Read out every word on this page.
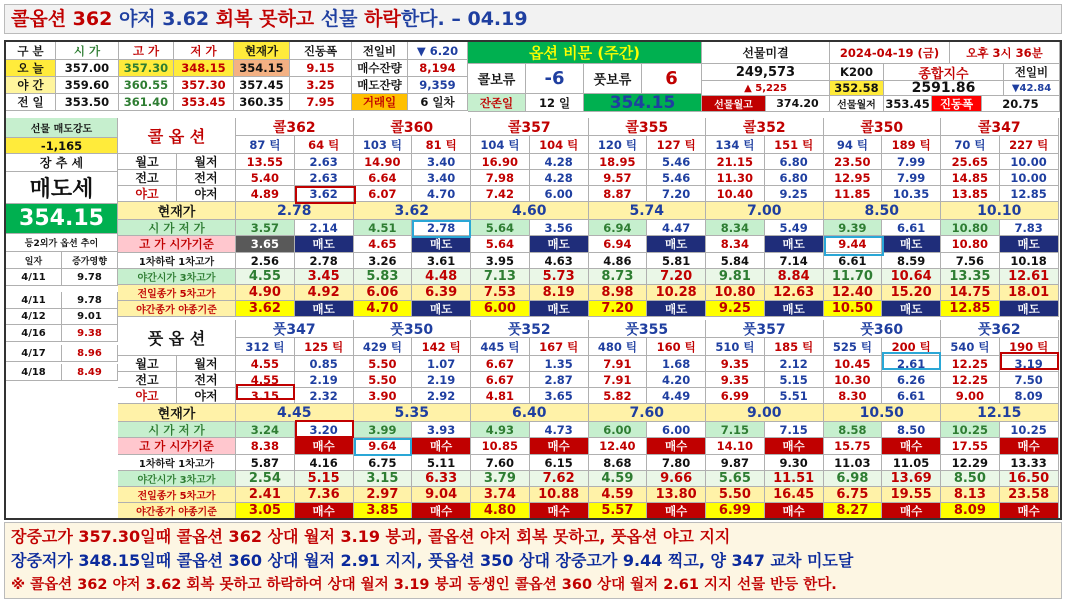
콜옵션 362 야저 3.62 회복 못하고 선물 하락한다. – 04.19
구 분	시 가	고 가	저 가	현재가	진동폭	전일비	▼ 6.20
오 늘	357.00	357.30	348.15	354.15	9.15
야 간	359.60	360.55	357.30	357.45	3.25
전 일	353.50	361.40	353.45	360.35	7.95
매수잔량	8,194
매도잔량	9,359
거래일	6 일차
옵션 비문 (주간)
콜보류	-6	풋보류	6
잔존일	12 일	354.15
선물미결
249,573
▲ 5,225
선물월고	374.20
2024-04-19 (금)	오후 3시 36분
K200	종합지수	전일비
352.58	2591.86	▼42.84
선물월저 353.45 진동폭	20.75
선물 매도강도
-1,165
장 추 세
매도세
354.15
등2외가 옵션 추이
일자	증가영향
4/11	9.78
4/11	9.78
4/12	9.01
4/16	9.38
4/17	8.96
4/18	8.49
콜 옵 션	콜362	콜360	콜357	콜355	콜352	콜350	콜347
87 틱	64 틱	103 틱	81 틱	104 틱	104 틱	120 틱	127 틱	134 틱	151 틱	94 틱	189 틱	70 틱	227 틱
월고	월저	13.55	2.63	14.90	3.40	16.90	4.28	18.95	5.46	21.15	6.80	23.50	7.99	25.65	10.00
전고	전저	5.40	2.63	6.64	3.40	7.98	4.28	9.57	5.46	11.30	6.80	12.95	7.99	14.85	10.00
야고	야저	4.89	3.62	6.07	4.70	7.42	6.00	8.87	7.20	10.40	9.25	11.85	10.35	13.85	12.85
현재가	2.78	3.62	4.60	5.74	7.00	8.50	10.10
시 가 저 가	3.57	2.14	4.51	2.78	5.64	3.56	6.94	4.47	8.34	5.49	9.39	6.61	10.80	7.83
고 가 시가기준	3.65	매도	4.65	매도	5.64	매도	6.94	매도	8.34	매도	9.44	매도	10.80	매도
1차하락 1차고가	2.56	2.78	3.26	3.61	3.95	4.63	4.86	5.81	5.84	7.14	6.61	8.59	7.56	10.18
야간시가 3차고가	4.55	3.45	5.83	4.48	7.13	5.73	8.73	7.20	9.81	8.84	11.70	10.64	13.35	12.61
전일종가 5차고가	4.90	4.92	6.06	6.39	7.53	8.19	8.98	10.28	10.80	12.63	12.40	15.20	14.75	18.01
야간종가 야종기준	3.62	매도	4.70	매도	6.00	매도	7.20	매도	9.25	매도	10.50	매도	12.85	매도
풋 옵 션	풋347	풋350	풋352	풋355	풋357	풋360	풋362
312 틱	125 틱	429 틱	142 틱	445 틱	167 틱	480 틱	160 틱	510 틱	185 틱	525 틱	200 틱	540 틱	190 틱
월고	월저	4.55	0.85	5.50	1.07	6.67	1.35	7.91	1.68	9.35	2.12	10.45	2.61	12.25	3.19
전고	전저	4.55	2.19	5.50	2.19	6.67	2.87	7.91	4.20	9.35	5.15	10.30	6.26	12.25	7.50
야고	야저	3.15	2.32	3.90	2.92	4.81	3.65	5.82	4.49	6.99	5.51	8.30	6.61	9.00	8.09
현재가	4.45	5.35	6.40	7.60	9.00	10.50	12.15
시 가 저 가	3.24	3.20	3.99	3.93	4.93	4.73	6.00	6.00	7.15	7.15	8.58	8.50	10.25	10.25
고 가 시가기준	8.38	매수	9.64	매수	10.85	매수	12.40	매수	14.10	매수	15.75	매수	17.55	매수
1차하락 1차고가	5.87	4.16	6.75	5.11	7.60	6.15	8.68	7.80	9.87	9.30	11.03	11.05	12.29	13.33
야간시가 3차고가	2.54	5.15	3.15	6.33	3.79	7.62	4.59	9.66	5.65	11.51	6.98	13.69	8.50	16.50
전일종가 5차고가	2.41	7.36	2.97	9.04	3.74	10.88	4.59	13.80	5.50	16.45	6.75	19.55	8.13	23.58
야간종가 야종기준	3.05	매수	3.85	매수	4.80	매수	5.57	매수	6.99	매수	8.27	매수	8.09	매수
장중고가 357.30일때 콜옵션 362 상대 월저 3.19 붕괴, 콜옵션 야저 회복 못하고, 풋옵션 야고 지지
장중저가 348.15일때 콜옵션 360 상대 월저 2.91 지지, 풋옵션 350 상대 장중고가 9.44 찍고, 양 347 교차 미도달
※ 콜옵션 362 야저 3.62 회복 못하고 하락하여 상대 월저 3.19 붕괴 동생인 콜옵션 360 상대 월저 2.61 지지 선물 반등 한다.
